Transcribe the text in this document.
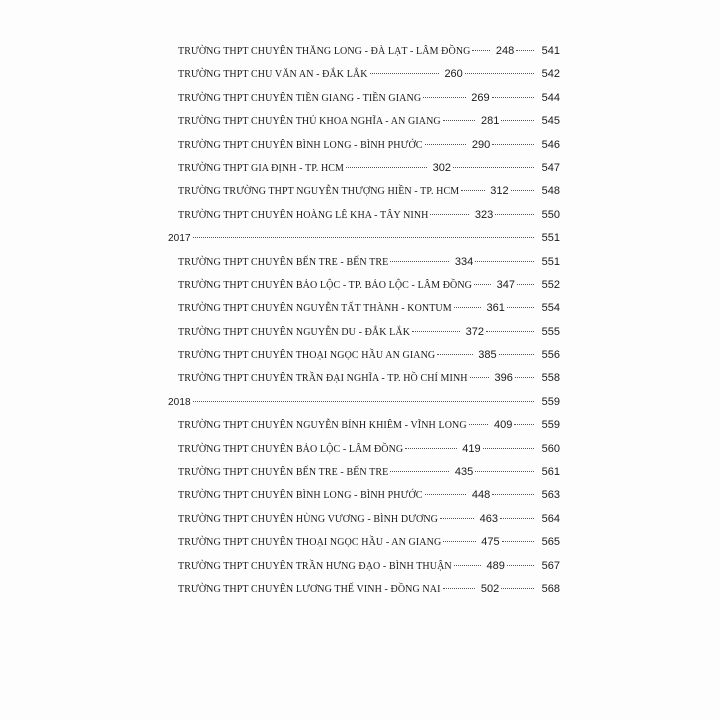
TRƯỜNG THPT CHUYÊN THĂNG LONG - ĐÀ LẠT - LÂM ĐỒNG	248	541
TRƯỜNG THPT CHU VĂN AN - ĐẮK LẮK	260	542
TRƯỜNG THPT CHUYÊN TIỀN GIANG - TIỀN GIANG	269	544
TRƯỜNG THPT CHUYÊN THỦ KHOA NGHĨA - AN GIANG	281	545
TRƯỜNG THPT CHUYÊN BÌNH LONG - BÌNH PHƯỚC	290	546
TRƯỜNG THPT GIA ĐỊNH - TP. HCM	302	547
TRƯỜNG TRƯỜNG THPT NGUYỄN THƯỢNG HIỀN - TP. HCM	312	548
TRƯỜNG THPT CHUYÊN HOÀNG LÊ KHA - TÂY NINH	323	550
2017	551
TRƯỜNG THPT CHUYÊN BẾN TRE - BẾN TRE	334	551
TRƯỜNG THPT CHUYÊN BẢO LỘC - TP. BẢO LỘC - LÂM ĐỒNG	347	552
TRƯỜNG THPT CHUYÊN NGUYỄN TẤT THÀNH - KONTUM	361	554
TRƯỜNG THPT CHUYÊN NGUYỄN DU - ĐẮK LẮK	372	555
TRƯỜNG THPT CHUYÊN THOẠI NGỌC HẦU AN GIANG	385	556
TRƯỜNG THPT CHUYÊN TRẦN ĐẠI NGHĨA - TP. HỒ CHÍ MINH	396	558
2018	559
TRƯỜNG THPT CHUYÊN NGUYỄN BỈNH KHIÊM - VĨNH LONG	409	559
TRƯỜNG THPT CHUYÊN BẢO LỘC - LÂM ĐỒNG	419	560
TRƯỜNG THPT CHUYÊN BẾN TRE - BẾN TRE	435	561
TRƯỜNG THPT CHUYÊN BÌNH LONG - BÌNH PHƯỚC	448	563
TRƯỜNG THPT CHUYÊN HÙNG VƯƠNG - BÌNH DƯƠNG	463	564
TRƯỜNG THPT CHUYÊN THOẠI NGỌC HẦU - AN GIANG	475	565
TRƯỜNG THPT CHUYÊN TRẦN HƯNG ĐẠO - BÌNH THUẬN	489	567
TRƯỜNG THPT CHUYÊN LƯƠNG THẾ VINH - ĐỒNG NAI	502	568
